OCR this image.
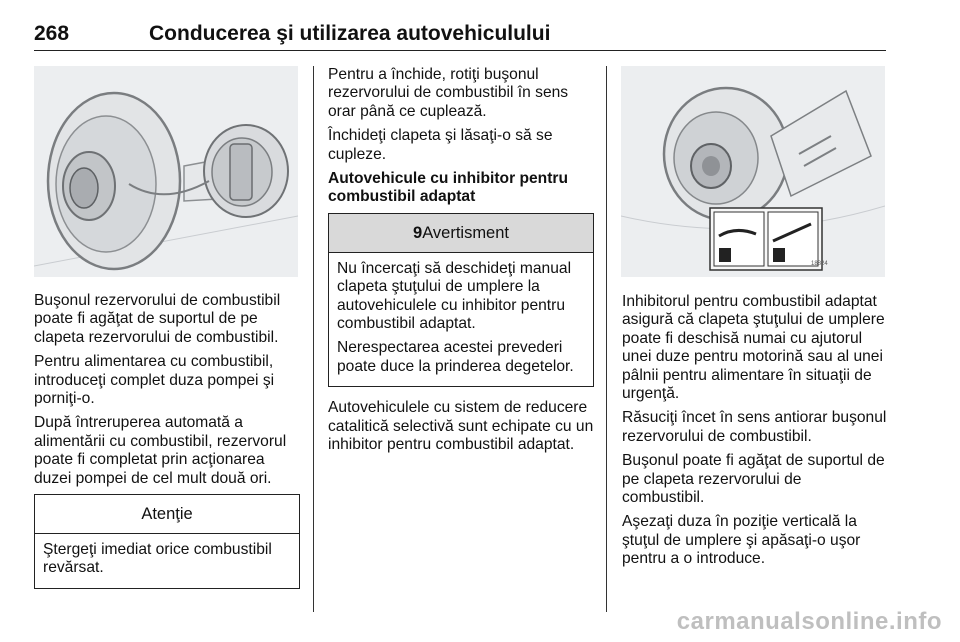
268	Conducerea şi utilizarea autovehiculului
18824

Buşonul rezervorului de combustibil poate fi agăţat de suportul de pe clapeta rezervorului de combustibil.

Pentru alimentarea cu combustibil, introduceţi complet duza pompei şi porniţi-o.

După întreruperea automată a alimentării cu combustibil, rezervorul poate fi completat prin acţionarea duzei pompei de cel mult două ori.

Atenţie

Ştergeţi imediat orice combustibil revărsat.

Pentru a închide, rotiţi buşonul rezervorului de combustibil în sens orar până ce cuplează.

Închideţi clapeta şi lăsaţi-o să se cupleze.

Autovehicule cu inhibitor pentru combustibil adaptat

9Avertisment

Nu încercaţi să deschideţi manual clapeta ştuţului de umplere la autovehiculele cu inhibitor pentru combustibil adaptat.

Nerespectarea acestei prevederi poate duce la prinderea degetelor.

Autovehiculele cu sistem de reducere catalitică selectivă sunt echipate cu un inhibitor pentru combustibil adaptat.

Inhibitorul pentru combustibil adaptat asigură că clapeta ştuţului de umplere poate fi deschisă numai cu ajutorul unei duze pentru motorină sau al unei pâlnii pentru alimentare în situaţii de urgenţă.

Răsuciţi încet în sens antiorar buşonul rezervorului de combustibil.

Buşonul poate fi agăţat de suportul de pe clapeta rezervorului de combustibil.

Aşezaţi duza în poziţie verticală la ştuţul de umplere şi apăsaţi-o uşor pentru a o introduce.

carmanualsonline.info
